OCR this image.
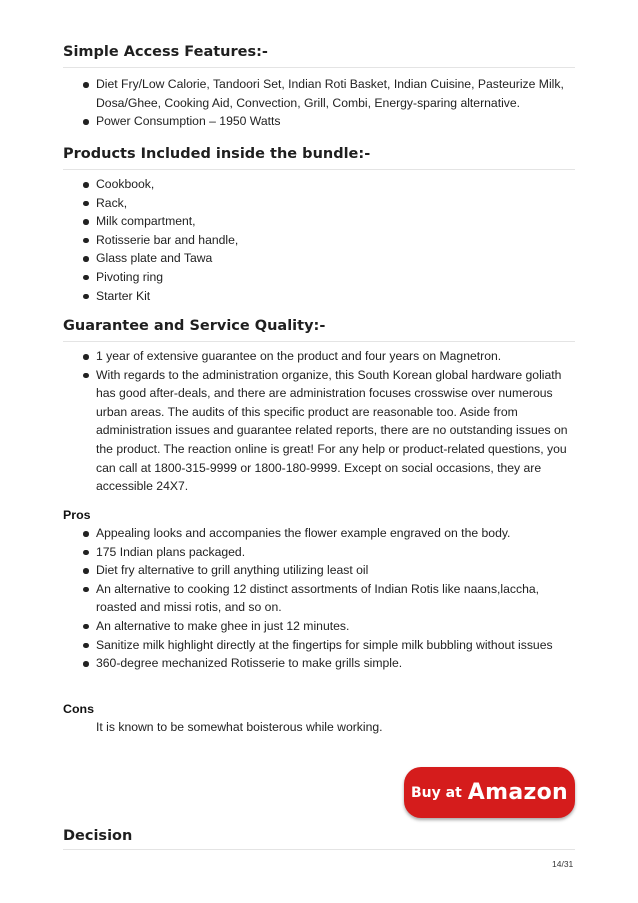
Simple Access Features:-
Diet Fry/Low Calorie, Tandoori Set, Indian Roti Basket, Indian Cuisine, Pasteurize Milk, Dosa/Ghee, Cooking Aid, Convection, Grill, Combi, Energy-sparing alternative.
Power Consumption – 1950 Watts
Products Included inside the bundle:-
Cookbook,
Rack,
Milk compartment,
Rotisserie bar and handle,
Glass plate and Tawa
Pivoting ring
Starter Kit
Guarantee and Service Quality:-
1 year of extensive guarantee on the product and four years on Magnetron.
With regards to the administration organize, this South Korean global hardware goliath has good after-deals, and there are administration focuses crosswise over numerous urban areas. The audits of this specific product are reasonable too. Aside from administration issues and guarantee related reports, there are no outstanding issues on the product. The reaction online is great! For any help or product-related questions, you can call at 1800-315-9999 or 1800-180-9999. Except on social occasions, they are accessible 24X7.
Pros
Appealing looks and accompanies the flower example engraved on the body.
175 Indian plans packaged.
Diet fry alternative to grill anything utilizing least oil
An alternative to cooking 12 distinct assortments of Indian Rotis like naans,laccha, roasted and missi rotis, and so on.
An alternative to make ghee in just 12 minutes.
Sanitize milk highlight directly at the fingertips for simple milk bubbling without issues
360-degree mechanized Rotisserie to make grills simple.
Cons
It is known to be somewhat boisterous while working.
Buy at Amazon
Decision
14/31
